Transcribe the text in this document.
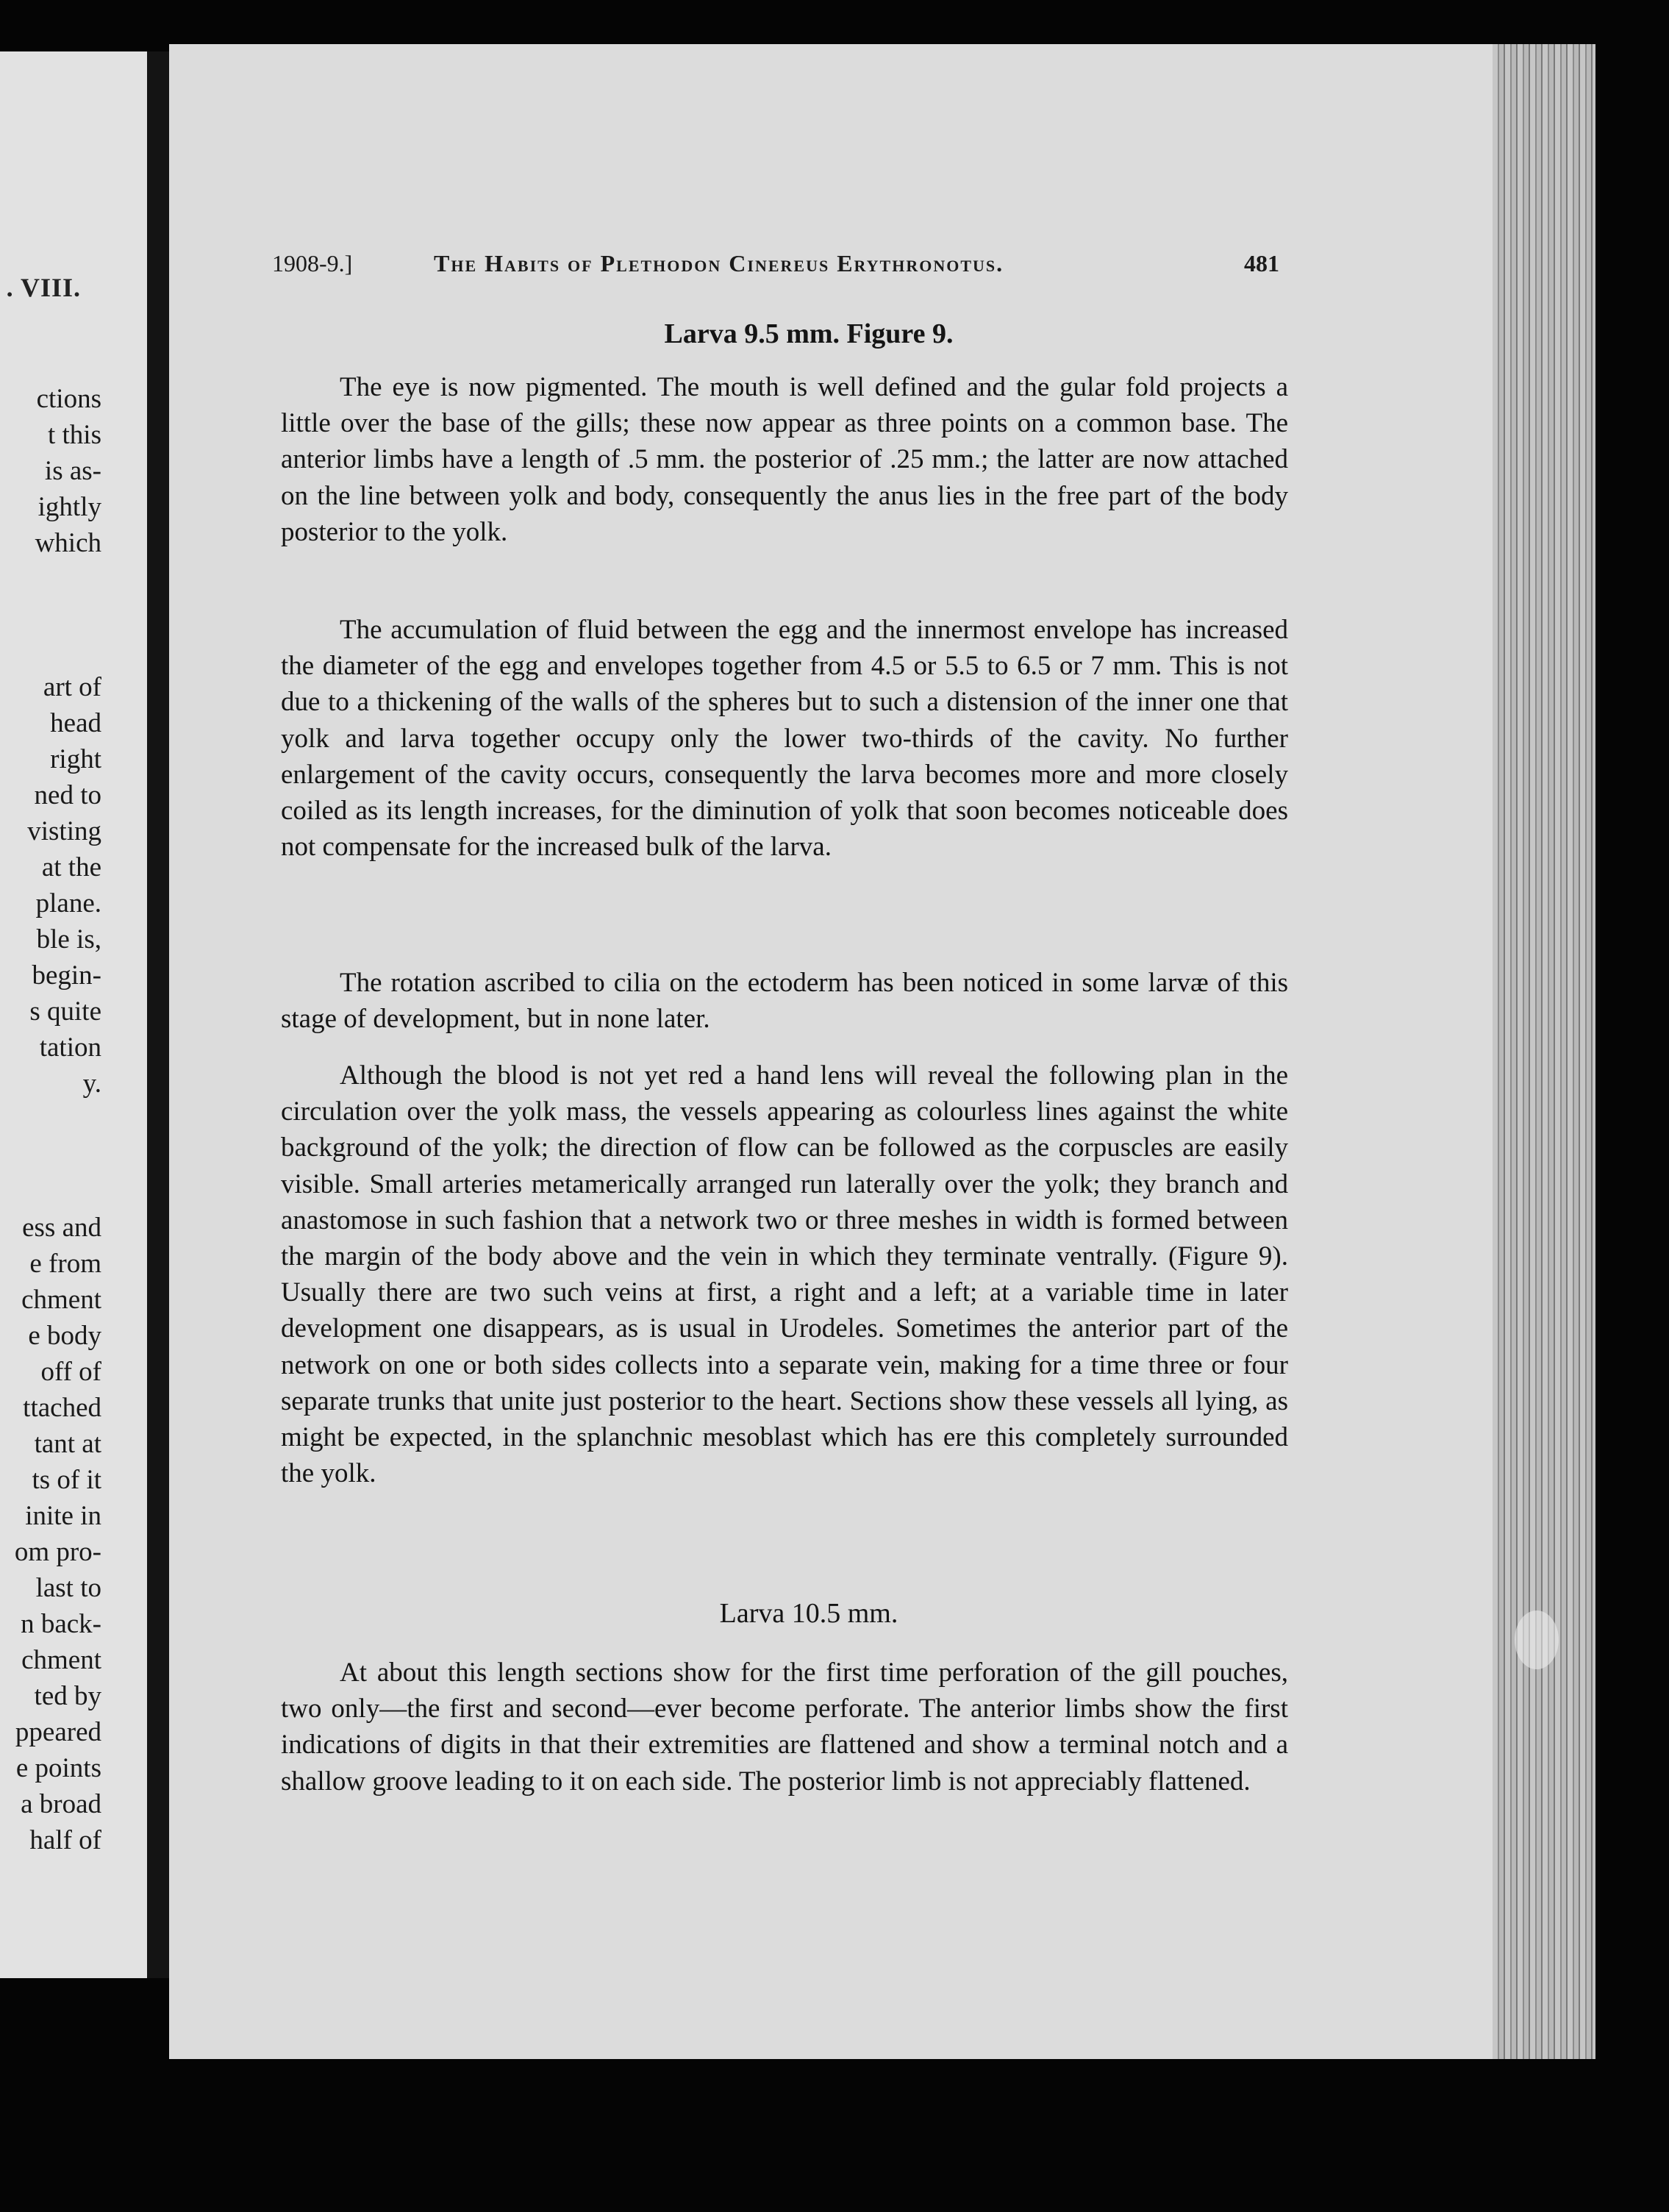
. VIII.
ctions
t this
is as-
ightly
which

art of
head
right
ned to
visting
at the
plane.
ble is,
begin-
s quite
tation
y.

ess and
e from
chment
e body
off of
ttached
tant at
ts of it
inite in
om pro-
last to
n back-
chment
ted by
ppeared
e points
a broad
half of
1908-9.]	The Habits of Plethodon Cinereus Erythronotus.	481
Larva 9.5 mm. Figure 9.

The eye is now pigmented. The mouth is well defined and the gular fold projects a little over the base of the gills; these now appear as three points on a common base. The anterior limbs have a length of .5 mm. the posterior of .25 mm.; the latter are now attached on the line between yolk and body, consequently the anus lies in the free part of the body posterior to the yolk.

The accumulation of fluid between the egg and the innermost envelope has increased the diameter of the egg and envelopes together from 4.5 or 5.5 to 6.5 or 7 mm. This is not due to a thickening of the walls of the spheres but to such a distension of the inner one that yolk and larva together occupy only the lower two-thirds of the cavity. No further enlargement of the cavity occurs, consequently the larva becomes more and more closely coiled as its length increases, for the diminution of yolk that soon becomes noticeable does not compensate for the increased bulk of the larva.

The rotation ascribed to cilia on the ectoderm has been noticed in some larvæ of this stage of development, but in none later.

Although the blood is not yet red a hand lens will reveal the following plan in the circulation over the yolk mass, the vessels appearing as colourless lines against the white background of the yolk; the direction of flow can be followed as the corpuscles are easily visible. Small arteries metamerically arranged run laterally over the yolk; they branch and anastomose in such fashion that a network two or three meshes in width is formed between the margin of the body above and the vein in which they terminate ventrally. (Figure 9). Usually there are two such veins at first, a right and a left; at a variable time in later development one disappears, as is usual in Urodeles. Sometimes the anterior part of the network on one or both sides collects into a separate vein, making for a time three or four separate trunks that unite just posterior to the heart. Sections show these vessels all lying, as might be expected, in the splanchnic mesoblast which has ere this completely surrounded the yolk.

Larva 10.5 mm.

At about this length sections show for the first time perforation of the gill pouches, two only—the first and second—ever become perforate. The anterior limbs show the first indications of digits in that their extremities are flattened and show a terminal notch and a shallow groove leading to it on each side. The posterior limb is not appreciably flattened.
